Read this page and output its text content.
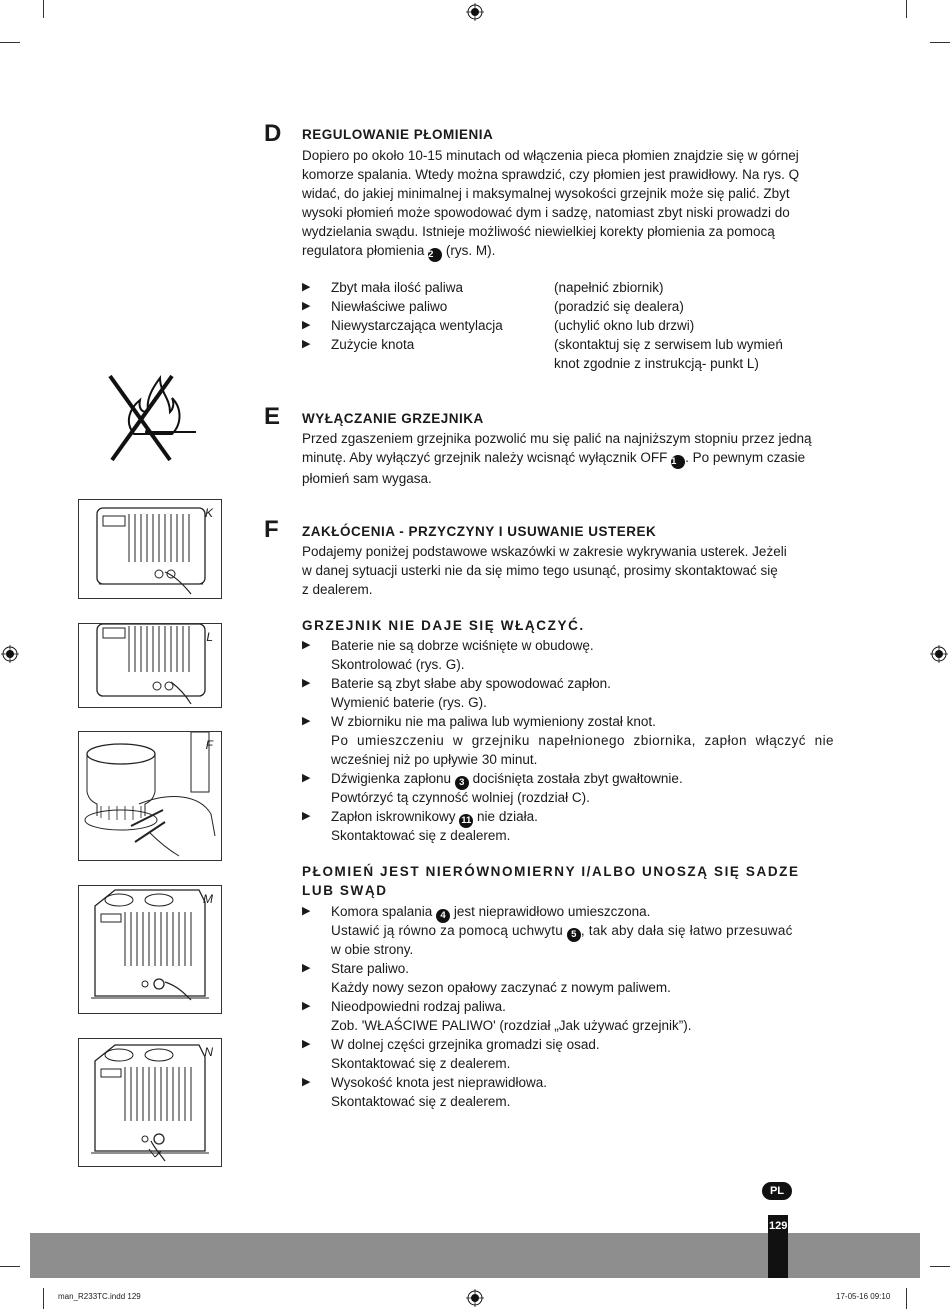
D REGULOWANIE PŁOMIENIA
Dopiero po około 10-15 minutach od włączenia pieca płomien znajdzie się w górnej
komorze spalania. Wtedy można sprawdzić, czy płomien jest prawidłowy. Na rys. Q
widać, do jakiej minimalnej i maksymalnej wysokości grzejnik może się palić. Zbyt
wysoki płomień może spowodować dym i sadzę, natomiast zbyt niski prowadzi do
wydzielania swądu. Istnieje możliwość niewielkiej korekty płomienia za pomocą
regulatora płomienia 2 (rys. M).
▶ Zbyt mała ilość paliwa	(napełnić zbiornik)
▶ Niewłaściwe paliwo	(poradzić się dealera)
▶ Niewystarczająca wentylacja	(uchylić okno lub drzwi)
▶ Zużycie knota	(skontaktuj się z serwisem lub wymień
knot zgodnie z instrukcją- punkt L)
E WYŁĄCZANIE GRZEJNIKA
Przed zgaszeniem grzejnika pozwolić mu się palić na najniższym stopniu przez jedną
minutę. Aby wyłączyć grzejnik należy wcisnąć wyłącznik OFF 1 . Po pewnym czasie
płomień sam wygasa.
F ZAKŁÓCENIA - PRZYCZYNY I USUWANIE USTEREK
Podajemy poniżej podstawowe wskazówki w zakresie wykrywania usterek. Jeżeli
w danej sytuacji usterki nie da się mimo tego usunąć, prosimy skontaktować się
z dealerem.
GRZEJNIK NIE DAJE SIĘ WŁĄCZYĆ.
▶ Baterie nie są dobrze wciśnięte w obudowę.
Skontrolować (rys. G).
▶ Baterie są zbyt słabe aby spowodować zapłon.
Wymienić baterie (rys. G).
▶ W zbiorniku nie ma paliwa lub wymieniony został knot.
Po umieszczeniu w grzejniku napełnionego zbiornika, zapłon włączyć nie
wcześniej niż po upływie 30 minut.
▶ Dźwigienka zapłonu 3 dociśnięta została zbyt gwałtownie.
Powtórzyć tą czynność wolniej (rozdział C).
▶ Zapłon iskrownikowy 11 nie działa.
Skontaktować się z dealerem.
PŁOMIEŃ JEST NIERÓWNOMIERNY I/ALBO UNOSZĄ SIĘ SADZE
LUB SWĄD
▶ Komora spalania 4 jest nieprawidłowo umieszczona.
Ustawić ją równo za pomocą uchwytu 5 , tak aby dała się łatwo przesuwać
w obie strony.
▶ Stare paliwo.
Każdy nowy sezon opałowy zaczynać z nowym paliwem.
▶ Nieodpowiedni rodzaj paliwa.
Zob. 'WŁAŚCIWE PALIWO' (rozdział „Jak używać grzejnik”).
▶ W dolnej części grzejnika gromadzi się osad.
Skontaktować się z dealerem.
▶ Wysokość knota jest nieprawidłowa.
Skontaktować się z dealerem.
K
L
F
M
N
PL
129
man_R233TC.indd 129	17-05-16 09:10
